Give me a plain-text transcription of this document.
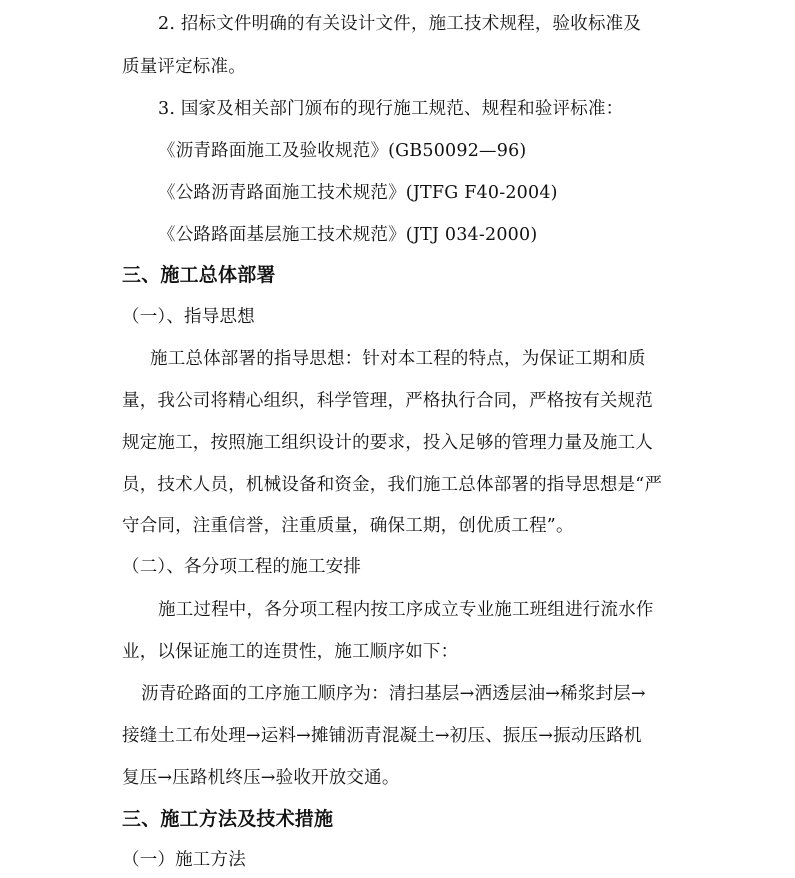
2. 招标文件明确的有关设计文件，施工技术规程，验收标准及
质量评定标准。
3. 国家及相关部门颁布的现行施工规范、规程和验评标准：
《沥青路面施工及验收规范》(GB50092—96)
《公路沥青路面施工技术规范》(JTFG F40-2004)
《公路路面基层施工技术规范》(JTJ 034-2000)
三、施工总体部署
（一）、指导思想
施工总体部署的指导思想：针对本工程的特点，为保证工期和质
量，我公司将精心组织，科学管理，严格执行合同，严格按有关规范
规定施工，按照施工组织设计的要求，投入足够的管理力量及施工人
员，技术人员，机械设备和资金，我们施工总体部署的指导思想是“严
守合同，注重信誉，注重质量，确保工期，创优质工程”。
（二）、各分项工程的施工安排
施工过程中，各分项工程内按工序成立专业施工班组进行流水作
业，以保证施工的连贯性，施工顺序如下：
沥青砼路面的工序施工顺序为：清扫基层→洒透层油→稀浆封层→
接缝土工布处理→运料→摊铺沥青混凝土→初压、振压→振动压路机
复压→压路机终压→验收开放交通。
三、施工方法及技术措施
（一）施工方法
